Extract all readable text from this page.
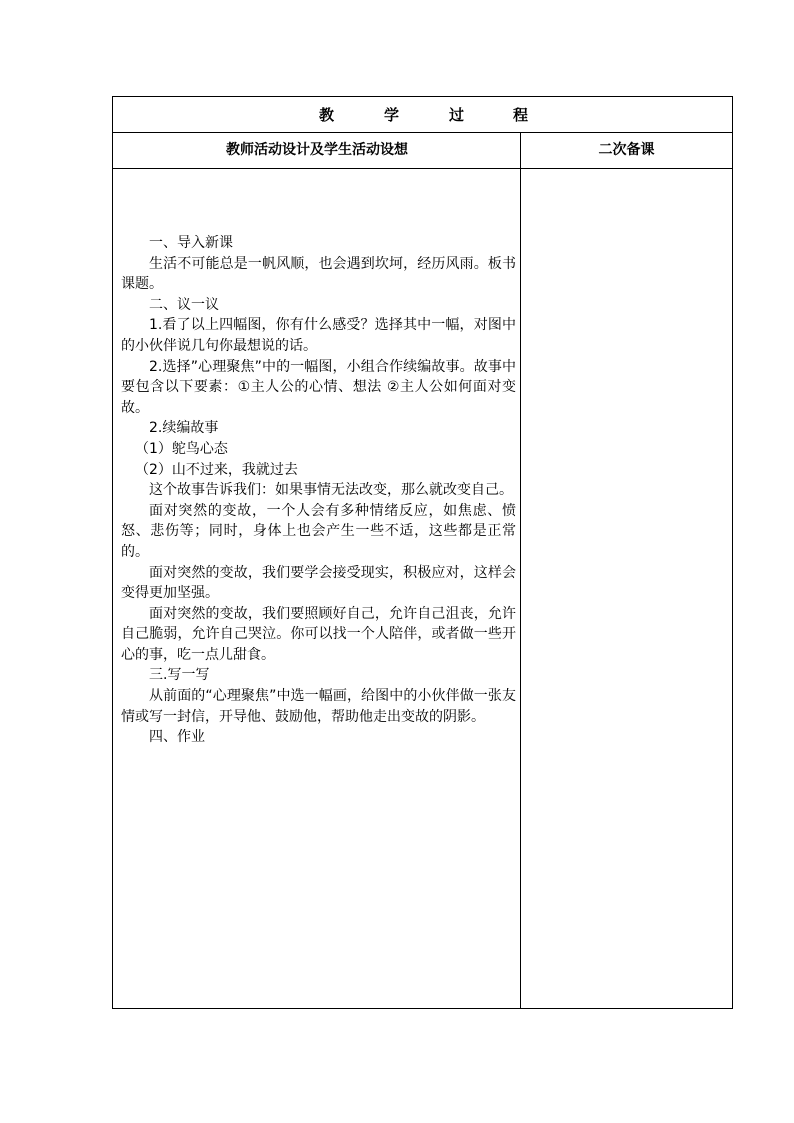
教	学	过	程
教师活动设计及学生活动设想	二次备课

一、导入新课

生活不可能总是一帆风顺，也会遇到坎坷，经历风雨。板书课题。

二、议一议

1.看了以上四幅图，你有什么感受？选择其中一幅，对图中的小伙伴说几句你最想说的话。

2.选择”心理聚焦”中的一幅图，小组合作续编故事。故事中要包含以下要素：①主人公的心情、想法 ②主人公如何面对变故。

2.续编故事

（1）鸵鸟心态

（2）山不过来，我就过去

这个故事告诉我们：如果事情无法改变，那么就改变自己。

面对突然的变故，一个人会有多种情绪反应，如焦虑、愤怒、悲伤等；同时，身体上也会产生一些不适，这些都是正常的。

面对突然的变故，我们要学会接受现实，积极应对，这样会变得更加坚强。

面对突然的变故，我们要照顾好自己，允许自己沮丧，允许自己脆弱，允许自己哭泣。你可以找一个人陪伴，或者做一些开心的事，吃一点儿甜食。

三.写一写

从前面的“心理聚焦”中选一幅画，给图中的小伙伴做一张友情或写一封信，开导他、鼓励他，帮助他走出变故的阴影。

四、作业
